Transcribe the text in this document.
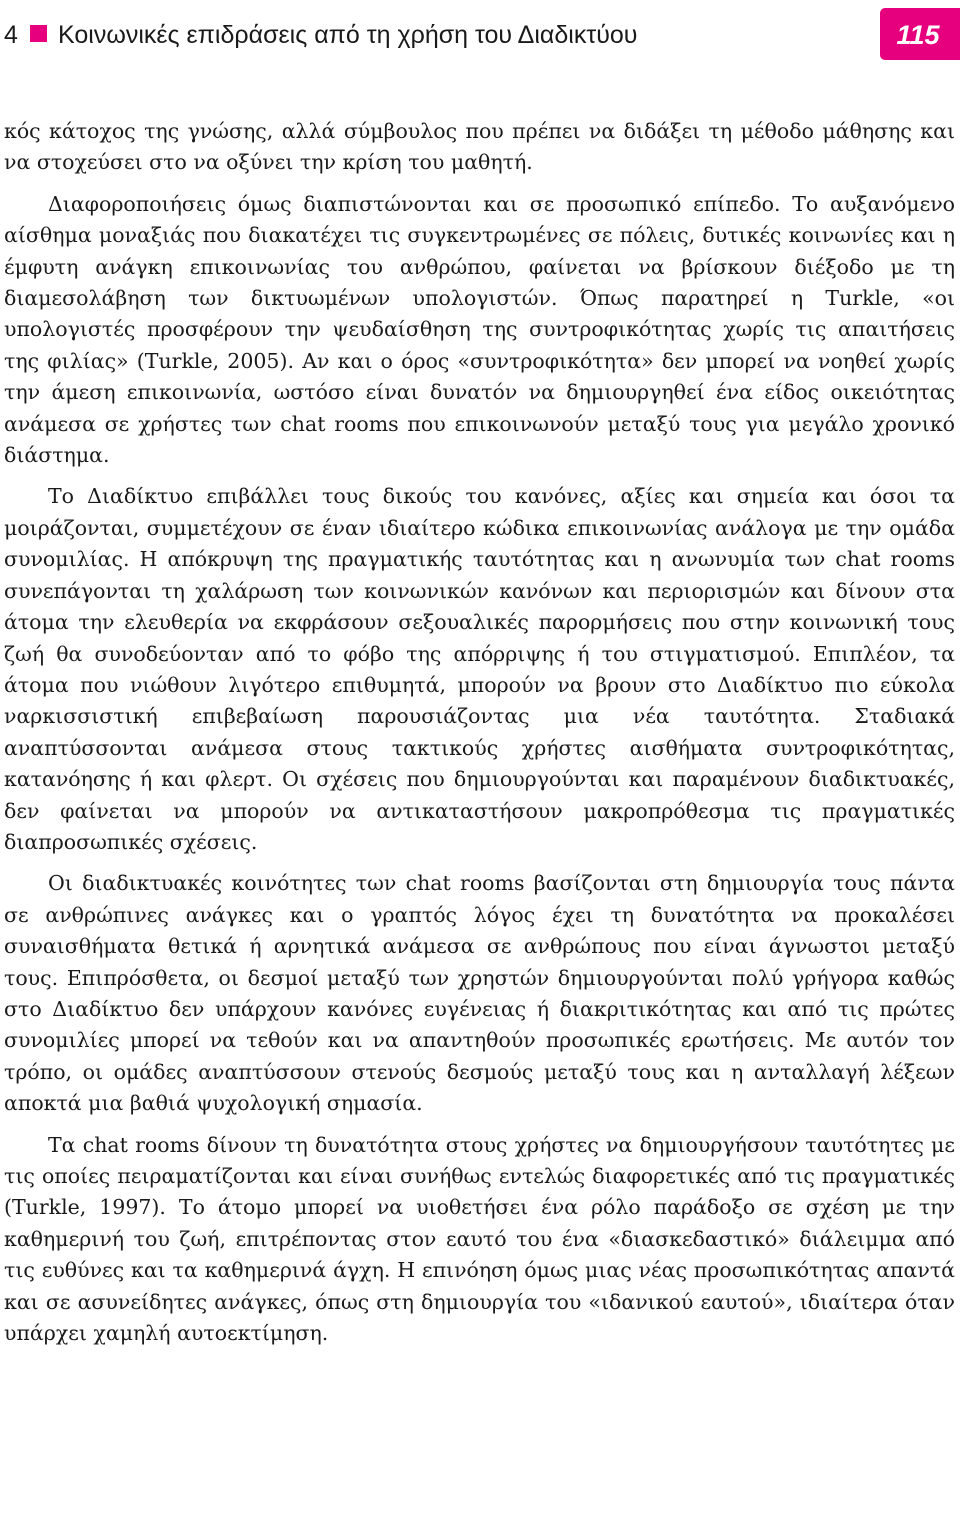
4 Κοινωνικές επιδράσεις από τη χρήση του Διαδικτύου	115

κός κάτοχος της γνώσης, αλλά σύμβουλος που πρέπει να διδάξει τη μέθοδο μάθησης και να στοχεύσει στο να οξύνει την κρίση του μαθητή.

Διαφοροποιήσεις όμως διαπιστώνονται και σε προσωπικό επίπεδο. Το αυξανόμενο αίσθημα μοναξιάς που διακατέχει τις συγκεντρωμένες σε πόλεις, δυτικές κοινωνίες και η έμφυτη ανάγκη επικοινωνίας του ανθρώπου, φαίνεται να βρίσκουν διέξοδο με τη διαμεσολάβηση των δικτυωμένων υπολογιστών. Όπως παρατηρεί η Turkle, «οι υπολογιστές προσφέρουν την ψευδαίσθηση της συντροφικότητας χωρίς τις απαιτήσεις της φιλίας» (Turkle, 2005). Αν και ο όρος «συντροφικότητα» δεν μπορεί να νοηθεί χωρίς την άμεση επικοινωνία, ωστόσο είναι δυνατόν να δημιουργηθεί ένα είδος οικειότητας ανάμεσα σε χρήστες των chat rooms που επικοινωνούν μεταξύ τους για μεγάλο χρονικό διάστημα.

Το Διαδίκτυο επιβάλλει τους δικούς του κανόνες, αξίες και σημεία και όσοι τα μοιράζονται, συμμετέχουν σε έναν ιδιαίτερο κώδικα επικοινωνίας ανάλογα με την ομάδα συνομιλίας. Η απόκρυψη της πραγματικής ταυτότητας και η ανωνυμία των chat rooms συνεπάγονται τη χαλάρωση των κοινωνικών κανόνων και περιορισμών και δίνουν στα άτομα την ελευθερία να εκφράσουν σεξουαλικές παρορμήσεις που στην κοινωνική τους ζωή θα συνοδεύονταν από το φόβο της απόρριψης ή του στιγματισμού. Επιπλέον, τα άτομα που νιώθουν λιγότερο επιθυμητά, μπορούν να βρουν στο Διαδίκτυο πιο εύκολα ναρκισσιστική επιβεβαίωση παρουσιάζοντας μια νέα ταυτότητα. Σταδιακά αναπτύσσονται ανάμεσα στους τακτικούς χρήστες αισθήματα συντροφικότητας, κατανόησης ή και φλερτ. Οι σχέσεις που δημιουργούνται και παραμένουν διαδικτυακές, δεν φαίνεται να μπορούν να αντικαταστήσουν μακροπρόθεσμα τις πραγματικές διαπροσωπικές σχέσεις.

Οι διαδικτυακές κοινότητες των chat rooms βασίζονται στη δημιουργία τους πάντα σε ανθρώπινες ανάγκες και ο γραπτός λόγος έχει τη δυνατότητα να προκαλέσει συναισθήματα θετικά ή αρνητικά ανάμεσα σε ανθρώπους που είναι άγνωστοι μεταξύ τους. Επιπρόσθετα, οι δεσμοί μεταξύ των χρηστών δημιουργούνται πολύ γρήγορα καθώς στο Διαδίκτυο δεν υπάρχουν κανόνες ευγένειας ή διακριτικότητας και από τις πρώτες συνομιλίες μπορεί να τεθούν και να απαντηθούν προσωπικές ερωτήσεις. Με αυτόν τον τρόπο, οι ομάδες αναπτύσσουν στενούς δεσμούς μεταξύ τους και η ανταλλαγή λέξεων αποκτά μια βαθιά ψυχολογική σημασία.

Τα chat rooms δίνουν τη δυνατότητα στους χρήστες να δημιουργήσουν ταυτότητες με τις οποίες πειραματίζονται και είναι συνήθως εντελώς διαφορετικές από τις πραγματικές (Turkle, 1997). Το άτομο μπορεί να υιοθετήσει ένα ρόλο παράδοξο σε σχέση με την καθημερινή του ζωή, επιτρέποντας στον εαυτό του ένα «διασκεδαστικό» διάλειμμα από τις ευθύνες και τα καθημερινά άγχη. Η επινόηση όμως μιας νέας προσωπικότητας απαντά και σε ασυνείδητες ανάγκες, όπως στη δημιουργία του «ιδανικού εαυτού», ιδιαίτερα όταν υπάρχει χαμηλή αυτοεκτίμηση.
